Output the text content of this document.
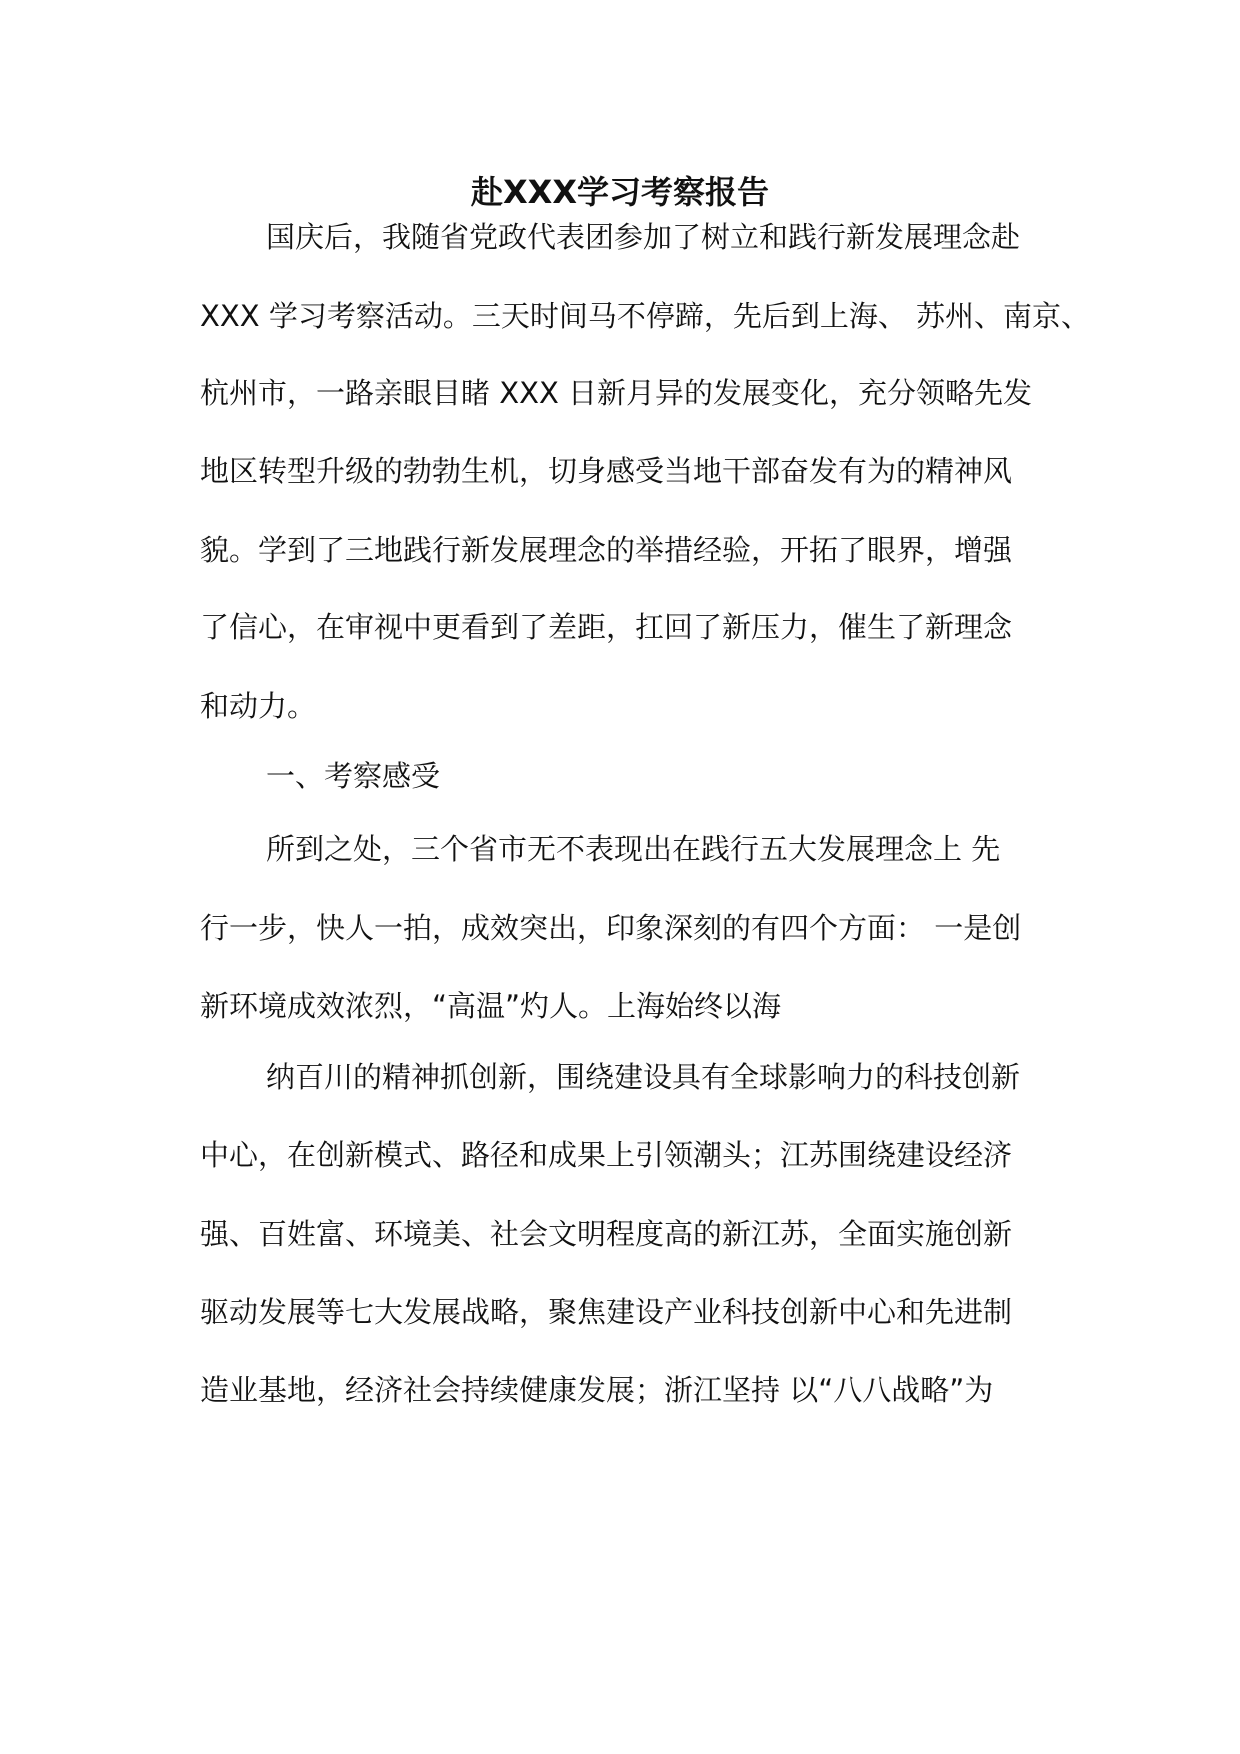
赴XXX学习考察报告
国庆后，我随省党政代表团参加了树立和践行新发展理念赴
XXX 学习考察活动。三天时间马不停蹄，先后到上海、 苏州、南京、
杭州市，一路亲眼目睹 XXX 日新月异的发展变化，充分领略先发
地区转型升级的勃勃生机，切身感受当地干部奋发有为的精神风
貌。学到了三地践行新发展理念的举措经验，开拓了眼界，增强
了信心，在审视中更看到了差距，扛回了新压力，催生了新理念
和动力。
一、考察感受
所到之处，三个省市无不表现出在践行五大发展理念上 先
行一步，快人一拍，成效突出，印象深刻的有四个方面： 一是创
新环境成效浓烈，“高温”灼人。上海始终以海
纳百川的精神抓创新，围绕建设具有全球影响力的科技创新
中心，在创新模式、路径和成果上引领潮头；江苏围绕建设经济
强、百姓富、环境美、社会文明程度高的新江苏，全面实施创新
驱动发展等七大发展战略，聚焦建设产业科技创新中心和先进制
造业基地，经济社会持续健康发展；浙江坚持 以“八八战略”为
